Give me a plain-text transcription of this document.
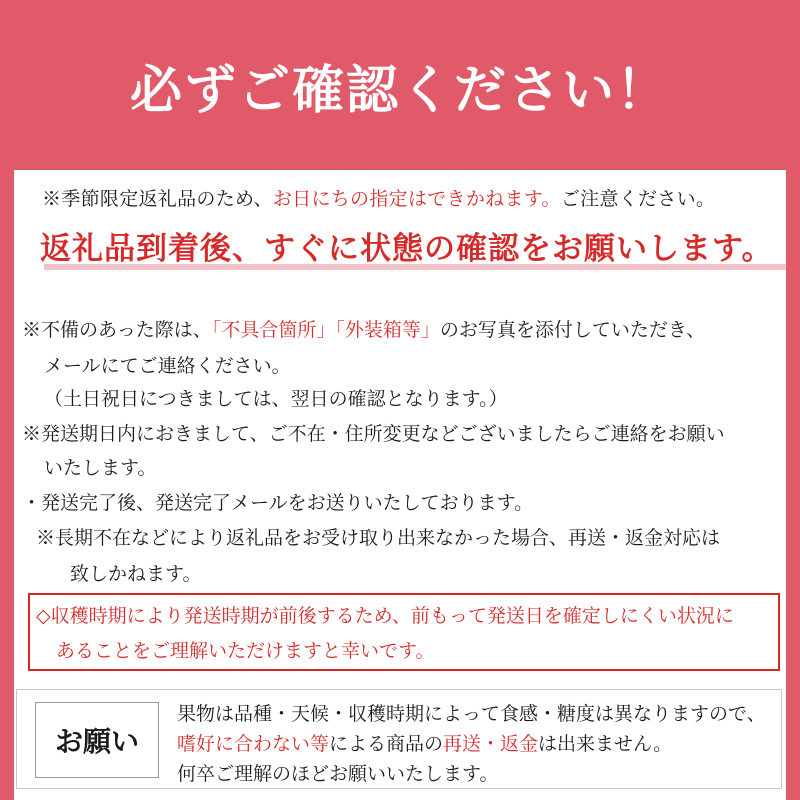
必ずご確認ください！
※季節限定返礼品のため、お日にちの指定はできかねます。ご注意ください。
返礼品到着後、すぐに状態の確認をお願いします。
※不備のあった際は、「不具合箇所」「外装箱等」のお写真を添付していただき、
メールにてご連絡ください。
（土日祝日につきましては、翌日の確認となります。）
※発送期日内におきまして、ご不在・住所変更などございましたらご連絡をお願い
いたします。
・発送完了後、発送完了メールをお送りいたしております。
※長期不在などにより返礼品をお受け取り出来なかった場合、再送・返金対応は
致しかねます。
◇収穫時期により発送時期が前後するため、前もって発送日を確定しにくい状況に
あることをご理解いただけますと幸いです。
お願い
果物は品種・天候・収穫時期によって食感・糖度は異なりますので、
嗜好に合わない等による商品の再送・返金は出来ません。
何卒ご理解のほどお願いいたします。
